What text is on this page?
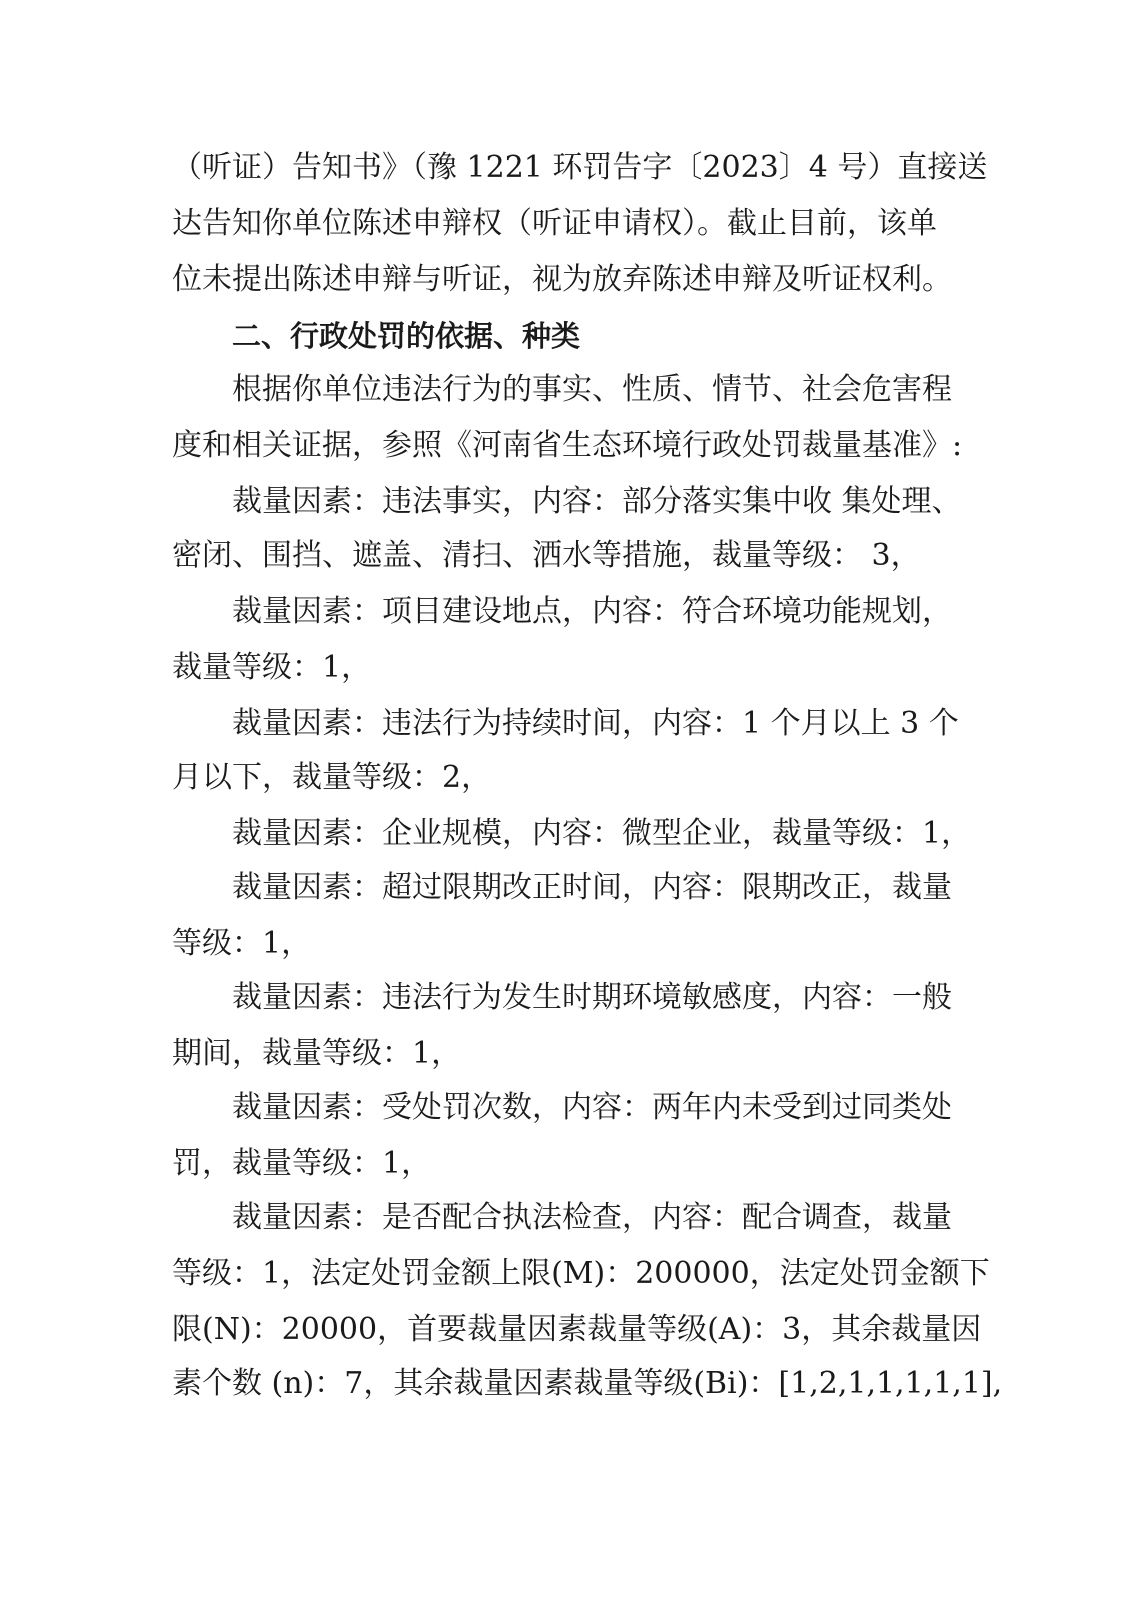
（听证）告知书》（豫 1221 环罚告字〔2023〕4 号）直接送
达告知你单位陈述申辩权（听证申请权）。截止目前，该单
位未提出陈述申辩与听证，视为放弃陈述申辩及听证权利。
二、行政处罚的依据、种类
根据你单位违法行为的事实、性质、情节、社会危害程
度和相关证据，参照《河南省生态环境行政处罚裁量基准》:
裁量因素：违法事实，内容：部分落实集中收 集处理、
密闭、围挡、遮盖、清扫、洒水等措施，裁量等级： 3，
裁量因素：项目建设地点，内容：符合环境功能规划，
裁量等级：1，
裁量因素：违法行为持续时间，内容：1 个月以上 3 个
月以下，裁量等级：2，
裁量因素：企业规模，内容：微型企业，裁量等级：1，
裁量因素：超过限期改正时间，内容：限期改正，裁量
等级：1，
裁量因素：违法行为发生时期环境敏感度，内容：一般
期间，裁量等级：1，
裁量因素：受处罚次数，内容：两年内未受到过同类处
罚，裁量等级：1，
裁量因素：是否配合执法检查，内容：配合调查，裁量
等级：1，法定处罚金额上限(M)：200000，法定处罚金额下
限(N)：20000，首要裁量因素裁量等级(A)：3，其余裁量因
素个数 (n)：7，其余裁量因素裁量等级(Bi)：[1,2,1,1,1,1,1],
